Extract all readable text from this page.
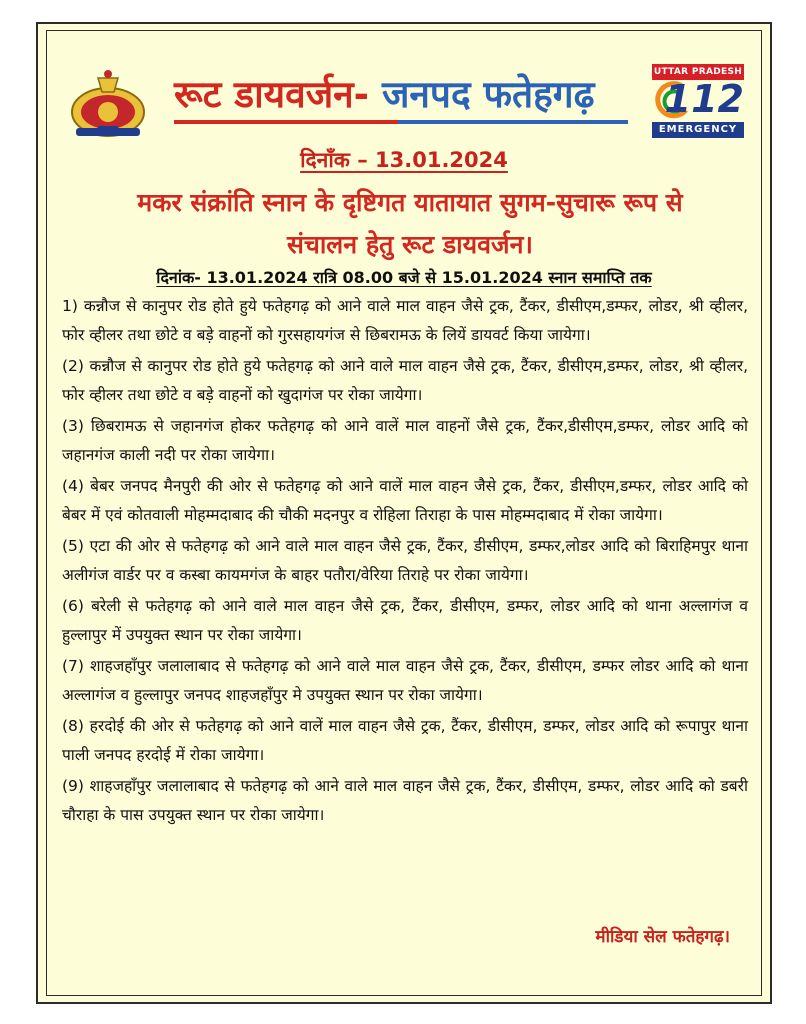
रूट डायवर्जन- जनपद फतेहगढ़
UTTAR PRADESH
112
EMERGENCY
दिनाँक – 13.01.2024
मकर संक्रांति स्नान के दृष्टिगत यातायात सुगम-सुचारू रूप से
संचालन हेतु रूट डायवर्जन।
दिनांक- 13.01.2024 रात्रि 08.00 बजे से 15.01.2024 स्नान समाप्ति तक

1) कन्नौज से कानुपर रोड होते हुये फतेहगढ़ को आने वाले माल वाहन जैसे ट्रक, टैंकर, डीसीएम,डम्फर, लोडर, श्री व्हीलर, फोर व्हीलर तथा छोटे व बड़े वाहनों को गुरसहायगंज से छिबरामऊ के लियें डायवर्ट किया जायेगा।

(2) कन्नौज से कानुपर रोड होते हुये फतेहगढ़ को आने वाले माल वाहन जैसे ट्रक, टैंकर, डीसीएम,डम्फर, लोडर, श्री व्हीलर, फोर व्हीलर तथा छोटे व बड़े वाहनों को खुदागंज पर रोका जायेगा।

(3) छिबरामऊ से जहानगंज होकर फतेहगढ़ को आने वालें माल वाहनों जैसे ट्रक, टैंकर,डीसीएम,डम्फर, लोडर आदि को जहानगंज काली नदी पर रोका जायेगा।

(4) बेबर जनपद मैनपुरी की ओर से फतेहगढ़ को आने वालें माल वाहन जैसे ट्रक, टैंकर, डीसीएम,डम्फर, लोडर आदि को बेबर में एवं कोतवाली मोहम्मदाबाद की चौकी मदनपुर व रोहिला तिराहा के पास मोहम्मदाबाद में रोका जायेगा।

(5) एटा की ओर से फतेहगढ़ को आने वाले माल वाहन जैसे ट्रक, टैंकर, डीसीएम, डम्फर,लोडर आदि को बिराहिमपुर थाना अलीगंज वार्डर पर व कस्बा कायमगंज के बाहर पतौरा/वेरिया तिराहे पर रोका जायेगा।

(6) बरेली से फतेहगढ़ को आने वाले माल वाहन जैसे ट्रक, टैंकर, डीसीएम, डम्फर, लोडर आदि को थाना अल्लागंज व हुल्लापुर में उपयुक्त स्थान पर रोका जायेगा।

(7) शाहजहाँपुर जलालाबाद से फतेहगढ़ को आने वाले माल वाहन जैसे ट्रक, टैंकर, डीसीएम, डम्फर लोडर आदि को थाना अल्लागंज व हुल्लापुर जनपद शाहजहाँपुर मे उपयुक्त स्थान पर रोका जायेगा।

(8) हरदोई की ओर से फतेहगढ़ को आने वालें माल वाहन जैसे ट्रक, टैंकर, डीसीएम, डम्फर, लोडर आदि को रूपापुर थाना पाली जनपद हरदोई में रोका जायेगा।

(9) शाहजहाँपुर जलालाबाद से फतेहगढ़ को आने वाले माल वाहन जैसे ट्रक, टैंकर, डीसीएम, डम्फर, लोडर आदि को डबरी चौराहा के पास उपयुक्त स्थान पर रोका जायेगा।

मीडिया सेल फतेहगढ़।
